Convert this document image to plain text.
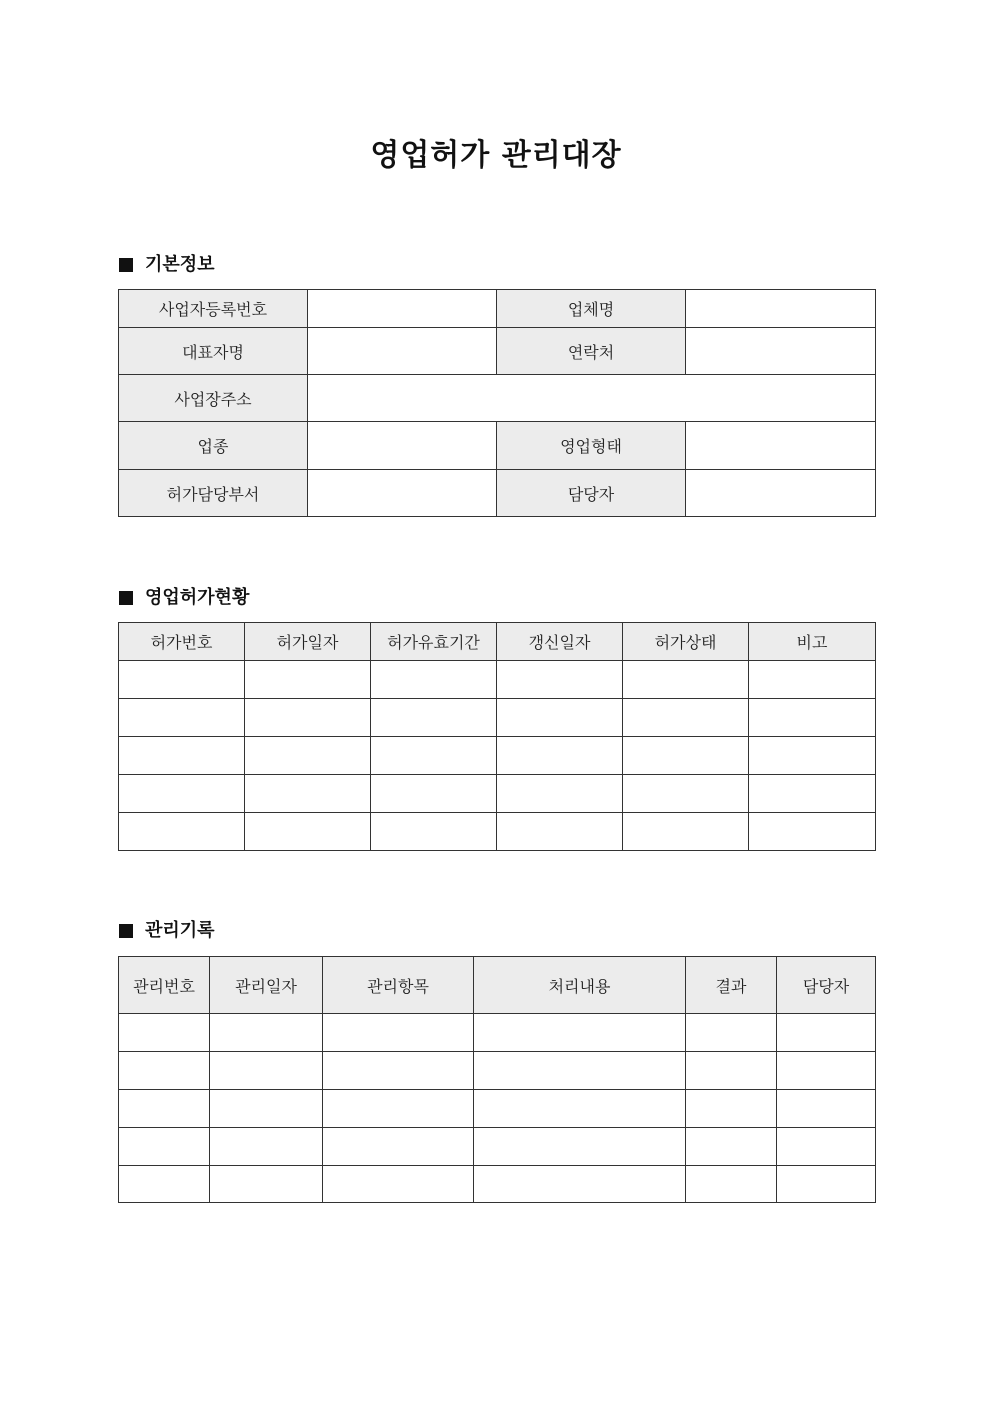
영업허가 관리대장
기본정보
사업자등록번호		업체명	
대표자명		연락처	
사업장주소			
업종		영업형태	
허가담당부서		담당자	
영업허가현황
허가번호	허가일자	허가유효기간	갱신일자	허가상태	비고

관리기록
관리번호	관리일자	관리항목	처리내용	결과	담당자
